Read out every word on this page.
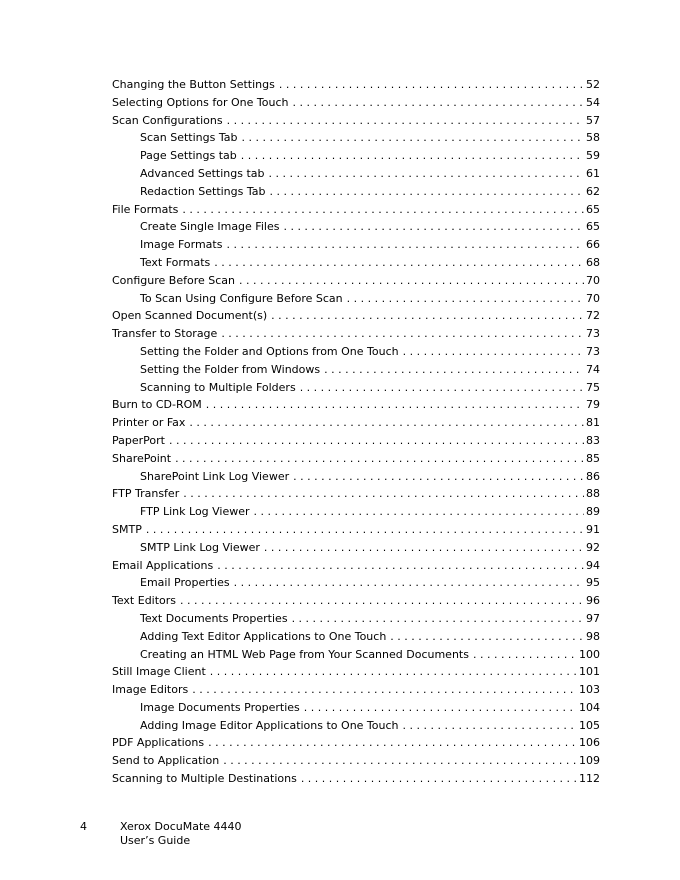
Changing the Button Settings . . .	52
Selecting Options for One Touch . . .	54
Scan Configurations . . .	57
Scan Settings Tab . . .	58
Page Settings tab . . .	59
Advanced Settings tab . . .	61
Redaction Settings Tab . . .	62
File Formats . . .	65
Create Single Image Files . . .	65
Image Formats . . .	66
Text Formats . . .	68
Configure Before Scan . . .	70
To Scan Using Configure Before Scan . . .	70
Open Scanned Document(s) . . .	72
Transfer to Storage . . .	73
Setting the Folder and Options from One Touch . . .	73
Setting the Folder from Windows . . .	74
Scanning to Multiple Folders . . .	75
Burn to CD-ROM . . .	79
Printer or Fax . . .	81
PaperPort . . .	83
SharePoint . . .	85
SharePoint Link Log Viewer . . .	86
FTP Transfer . . .	88
FTP Link Log Viewer . . .	89
SMTP . . .	91
SMTP Link Log Viewer . . .	92
Email Applications . . .	94
Email Properties . . .	95
Text Editors . . .	96
Text Documents Properties . . .	97
Adding Text Editor Applications to One Touch . . .	98
Creating an HTML Web Page from Your Scanned Documents . . .	100
Still Image Client . . .	101
Image Editors . . .	103
Image Documents Properties . . .	104
Adding Image Editor Applications to One Touch . . .	105
PDF Applications . . .	106
Send to Application . . .	109
Scanning to Multiple Destinations . . .	112
4	Xerox DocuMate 4440
User’s Guide
